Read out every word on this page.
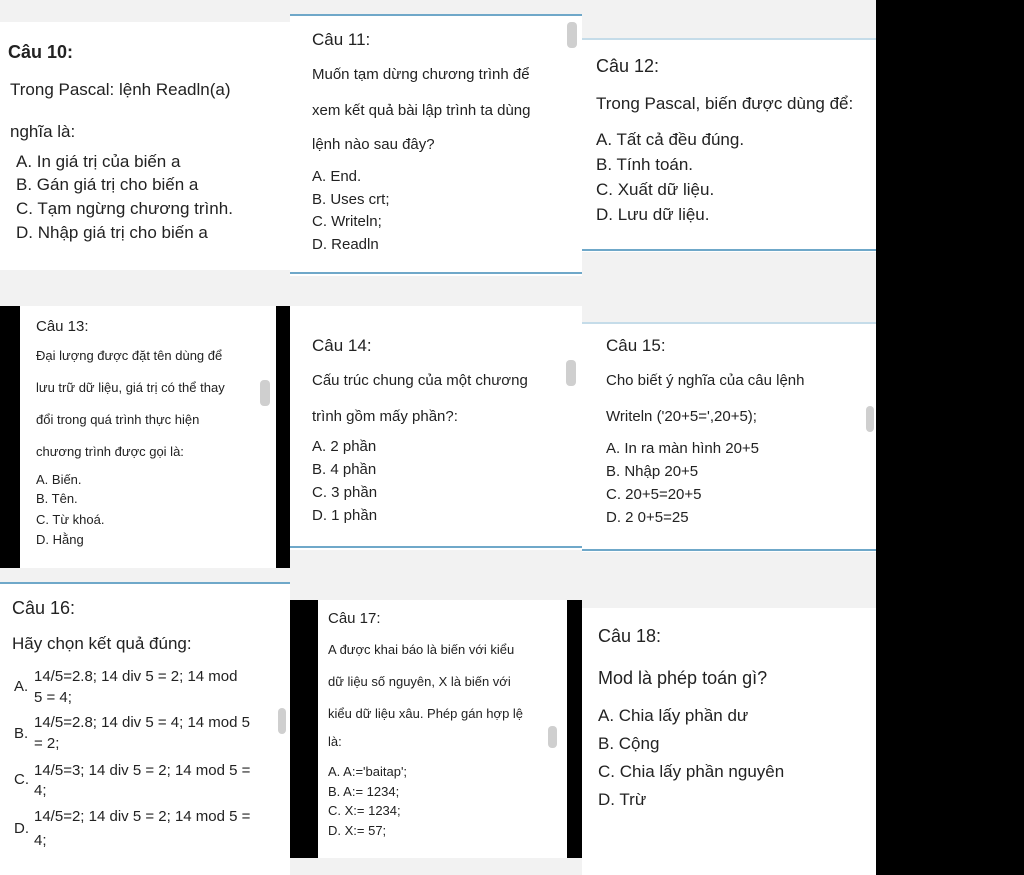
Câu 10:
Trong Pascal: lệnh Readln(a)
nghĩa là:
A. In giá trị của biến a
B. Gán giá trị cho biến a
C. Tạm ngừng chương trình.
D. Nhập giá trị cho biến a
Câu 11:
Muốn tạm dừng chương trình để
xem kết quả bài lập trình ta dùng
lệnh nào sau đây?
A. End.
B. Uses crt;
C. Writeln;
D. Readln
Câu 12:
Trong Pascal, biến được dùng để:
A. Tất cả đều đúng.
B. Tính toán.
C. Xuất dữ liệu.
D. Lưu dữ liệu.
Câu 13:
Đại lượng được đặt tên dùng để
lưu trữ dữ liệu, giá trị có thể thay
đổi trong quá trình thực hiện
chương trình được gọi là:
A. Biến.
B. Tên.
C. Từ khoá.
D. Hằng
Câu 14:
Cấu trúc chung của một chương
trình gồm mấy phần?:
A. 2 phần
B. 4 phần
C. 3 phần
D. 1 phần
Câu 15:
Cho biết ý nghĩa của câu lệnh
Writeln ('20+5=',20+5);
A. In ra màn hình 20+5
B. Nhập 20+5
C. 20+5=20+5
D. 2 0+5=25
Câu 16:
Hãy chọn kết quả đúng:
A.
14/5=2.8; 14 div 5 = 2; 14 mod
5 = 4;
B.
14/5=2.8; 14 div 5 = 4; 14 mod 5
= 2;
C.
14/5=3; 14 div 5 = 2; 14 mod 5 =
4;
D.
14/5=2; 14 div 5 = 2; 14 mod 5 =
4;
Câu 17:
A được khai báo là biến với kiểu
dữ liệu số nguyên, X là biến với
kiểu dữ liệu xâu. Phép gán hợp lệ
là:
A. A:='baitap';
B. A:= 1234;
C. X:= 1234;
D. X:= 57;
Câu 18:
Mod là phép toán gì?
A. Chia lấy phần dư
B. Cộng
C. Chia lấy phần nguyên
D. Trừ
